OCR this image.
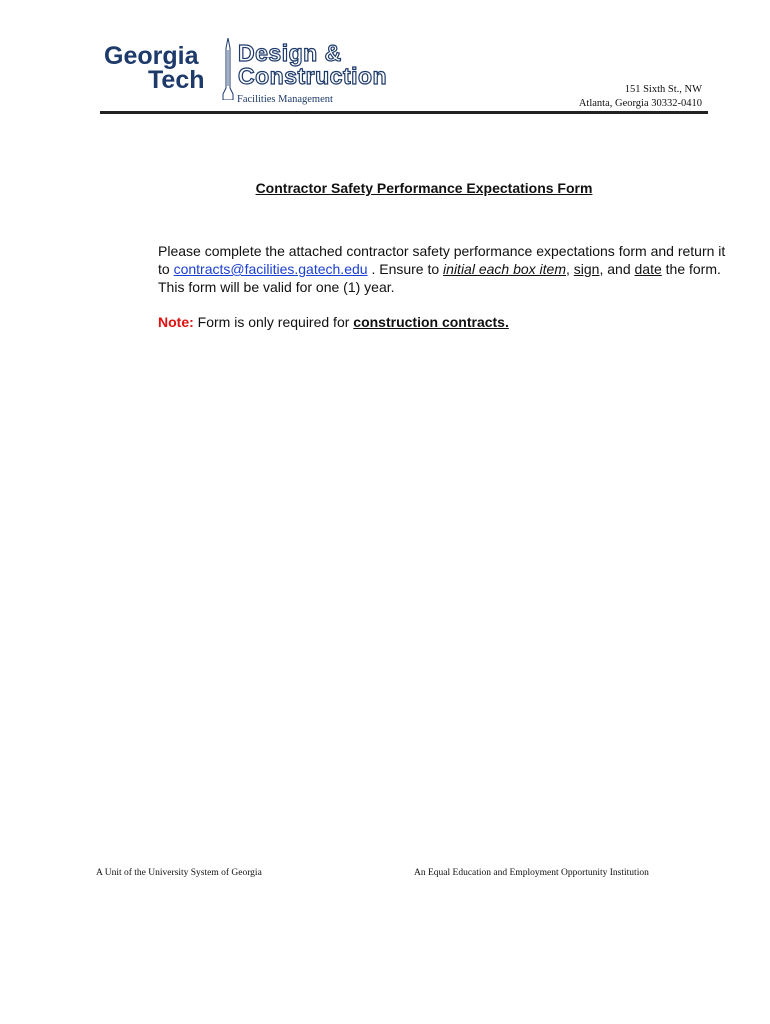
Georgia
Tech
Design &
Construction
Facilities Management
151 Sixth St., NW
Atlanta, Georgia 30332-0410
Contractor Safety Performance Expectations Form
Please complete the attached contractor safety performance expectations form and return it to contracts@facilities.gatech.edu . Ensure to initial each box item, sign, and date the form. This form will be valid for one (1) year.
Note: Form is only required for construction contracts.
A Unit of the University System of Georgia	An Equal Education and Employment Opportunity Institution
